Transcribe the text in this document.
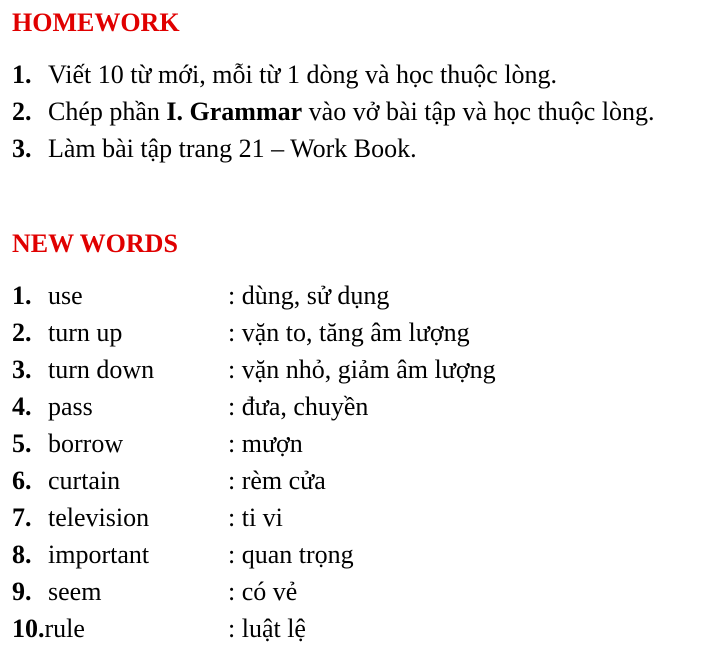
HOMEWORK
1. Viết 10 từ mới, mỗi từ 1 dòng và học thuộc lòng.
2. Chép phần I. Grammar vào vở bài tập và học thuộc lòng.
3. Làm bài tập trang 21 – Work Book.
NEW WORDS
1. use	: dùng, sử dụng
2. turn up	: vặn to, tăng âm lượng
3. turn down	: vặn nhỏ, giảm âm lượng
4. pass	: đưa, chuyền
5. borrow	: mượn
6. curtain	: rèm cửa
7. television	: ti vi
8. important	: quan trọng
9. seem	: có vẻ
10.rule	: luật lệ
